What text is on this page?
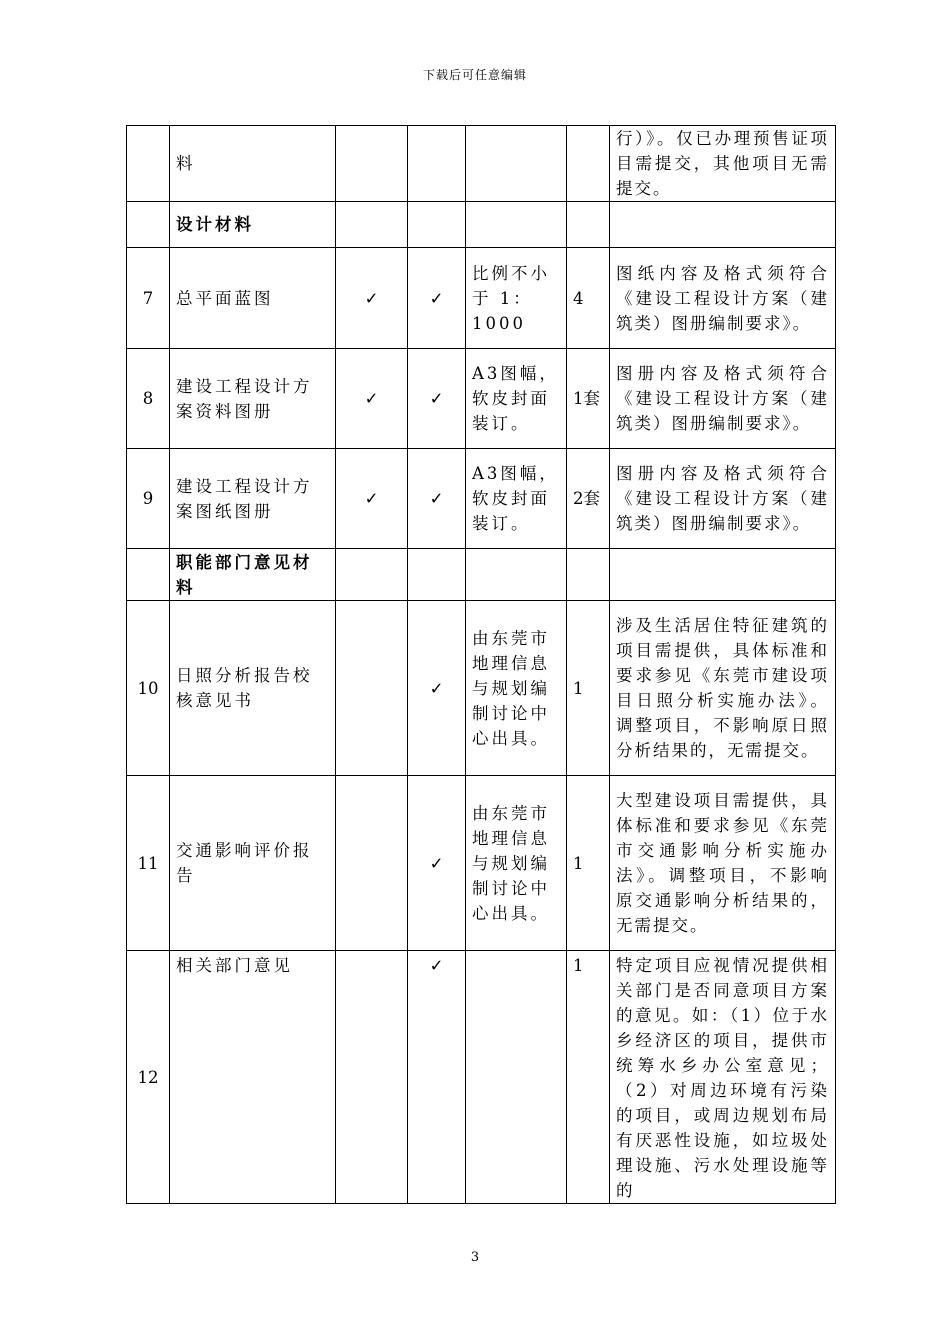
下载后可任意编辑
	料					行）》。仅已办理预售证项目需提交，其他项目无需提交。
	设计材料					
7	总平面蓝图	✓	✓	比例不小于 1：1000	4	图纸内容及格式须符合《建设工程设计方案（建筑类）图册编制要求》。
8	建设工程设计方案资料图册	✓	✓	A3图幅，软皮封面装订。	1套	图册内容及格式须符合《建设工程设计方案（建筑类）图册编制要求》。
9	建设工程设计方案图纸图册	✓	✓	A3图幅，软皮封面装订。	2套	图册内容及格式须符合《建设工程设计方案（建筑类）图册编制要求》。
	职能部门意见材料					
10	日照分析报告校核意见书		✓	由东莞市地理信息与规划编制讨论中心出具。	1	涉及生活居住特征建筑的项目需提供，具体标准和要求参见《东莞市建设项目日照分析实施办法》。调整项目，不影响原日照分析结果的，无需提交。
11	交通影响评价报告		✓	由东莞市地理信息与规划编制讨论中心出具。	1	大型建设项目需提供，具体标准和要求参见《东莞市交通影响分析实施办法》。调整项目，不影响原交通影响分析结果的，无需提交。
12	相关部门意见		✓		1	特定项目应视情况提供相关部门是否同意项目方案的意见。如：（1）位于水乡经济区的项目，提供市统筹水乡办公室意见；（2）对周边环境有污染的项目，或周边规划布局有厌恶性设施，如垃圾处理设施、污水处理设施等的
3
